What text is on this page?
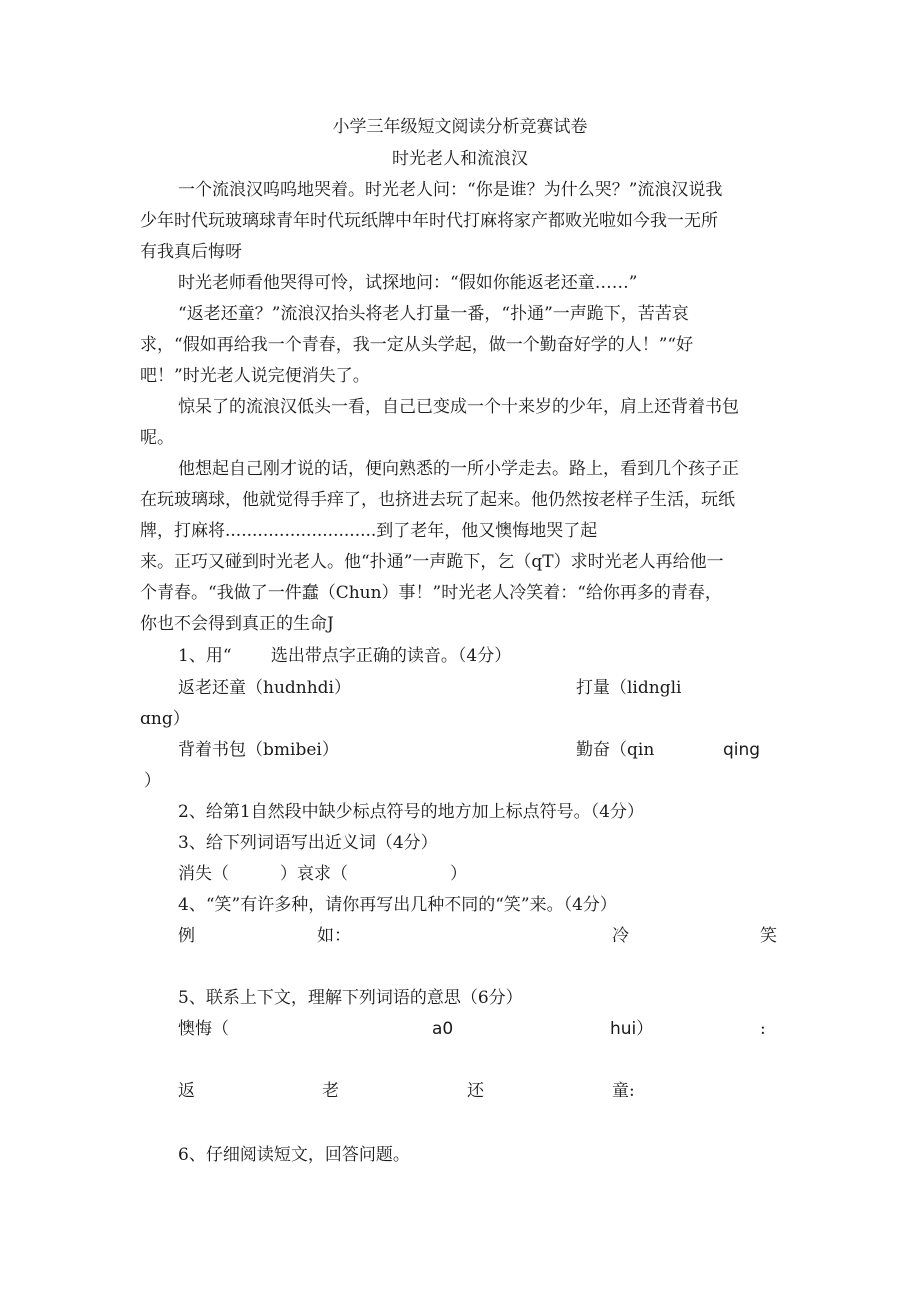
小学三年级短文阅读分析竞赛试卷
时光老人和流浪汉
一个流浪汉呜呜地哭着。时光老人问：“你是谁？为什么哭？”流浪汉说我
少年时代玩玻璃球青年时代玩纸牌中年时代打麻将家产都败光啦如今我一无所
有我真后悔呀
时光老师看他哭得可怜，试探地问：“假如你能返老还童……”
“返老还童？”流浪汉抬头将老人打量一番，“扑通”一声跪下，苦苦哀
求，“假如再给我一个青春，我一定从头学起，做一个勤奋好学的人！”“好
吧！”时光老人说完便消失了。
惊呆了的流浪汉低头一看，自己已变成一个十来岁的少年，肩上还背着书包
呢。
他想起自己刚才说的话，便向熟悉的一所小学走去。路上，看到几个孩子正
在玩玻璃球，他就觉得手痒了，也挤进去玩了起来。他仍然按老样子生活，玩纸
牌，打麻将............................到了老年，他又懊悔地哭了起
来。正巧又碰到时光老人。他“扑通”一声跪下，乞（qT）求时光老人再给他一
个青春。“我做了一件蠢（Chun）事！”时光老人冷笑着：“给你再多的青春，
你也不会得到真正的生命J
1、用“　　 选出带点字正确的读音。（4分）
返老还童（hudnhdi）	打量（lidngli
ɑng）
背着书包（bmibei）	勤奋（qin	qing
）
2、给第1自然段中缺少标点符号的地方加上标点符号。（4分）
3、给下列词语写出近义词（4分）
消失（　　　）哀求（　　　　　　）
4、“笑”有许多种，请你再写出几种不同的“笑”来。（4分）
例	如：	冷	笑
5、联系上下文，理解下列词语的意思（6分）
懊悔（	a0	hui）	:
返	老	还	童:
6、仔细阅读短文，回答问题。
